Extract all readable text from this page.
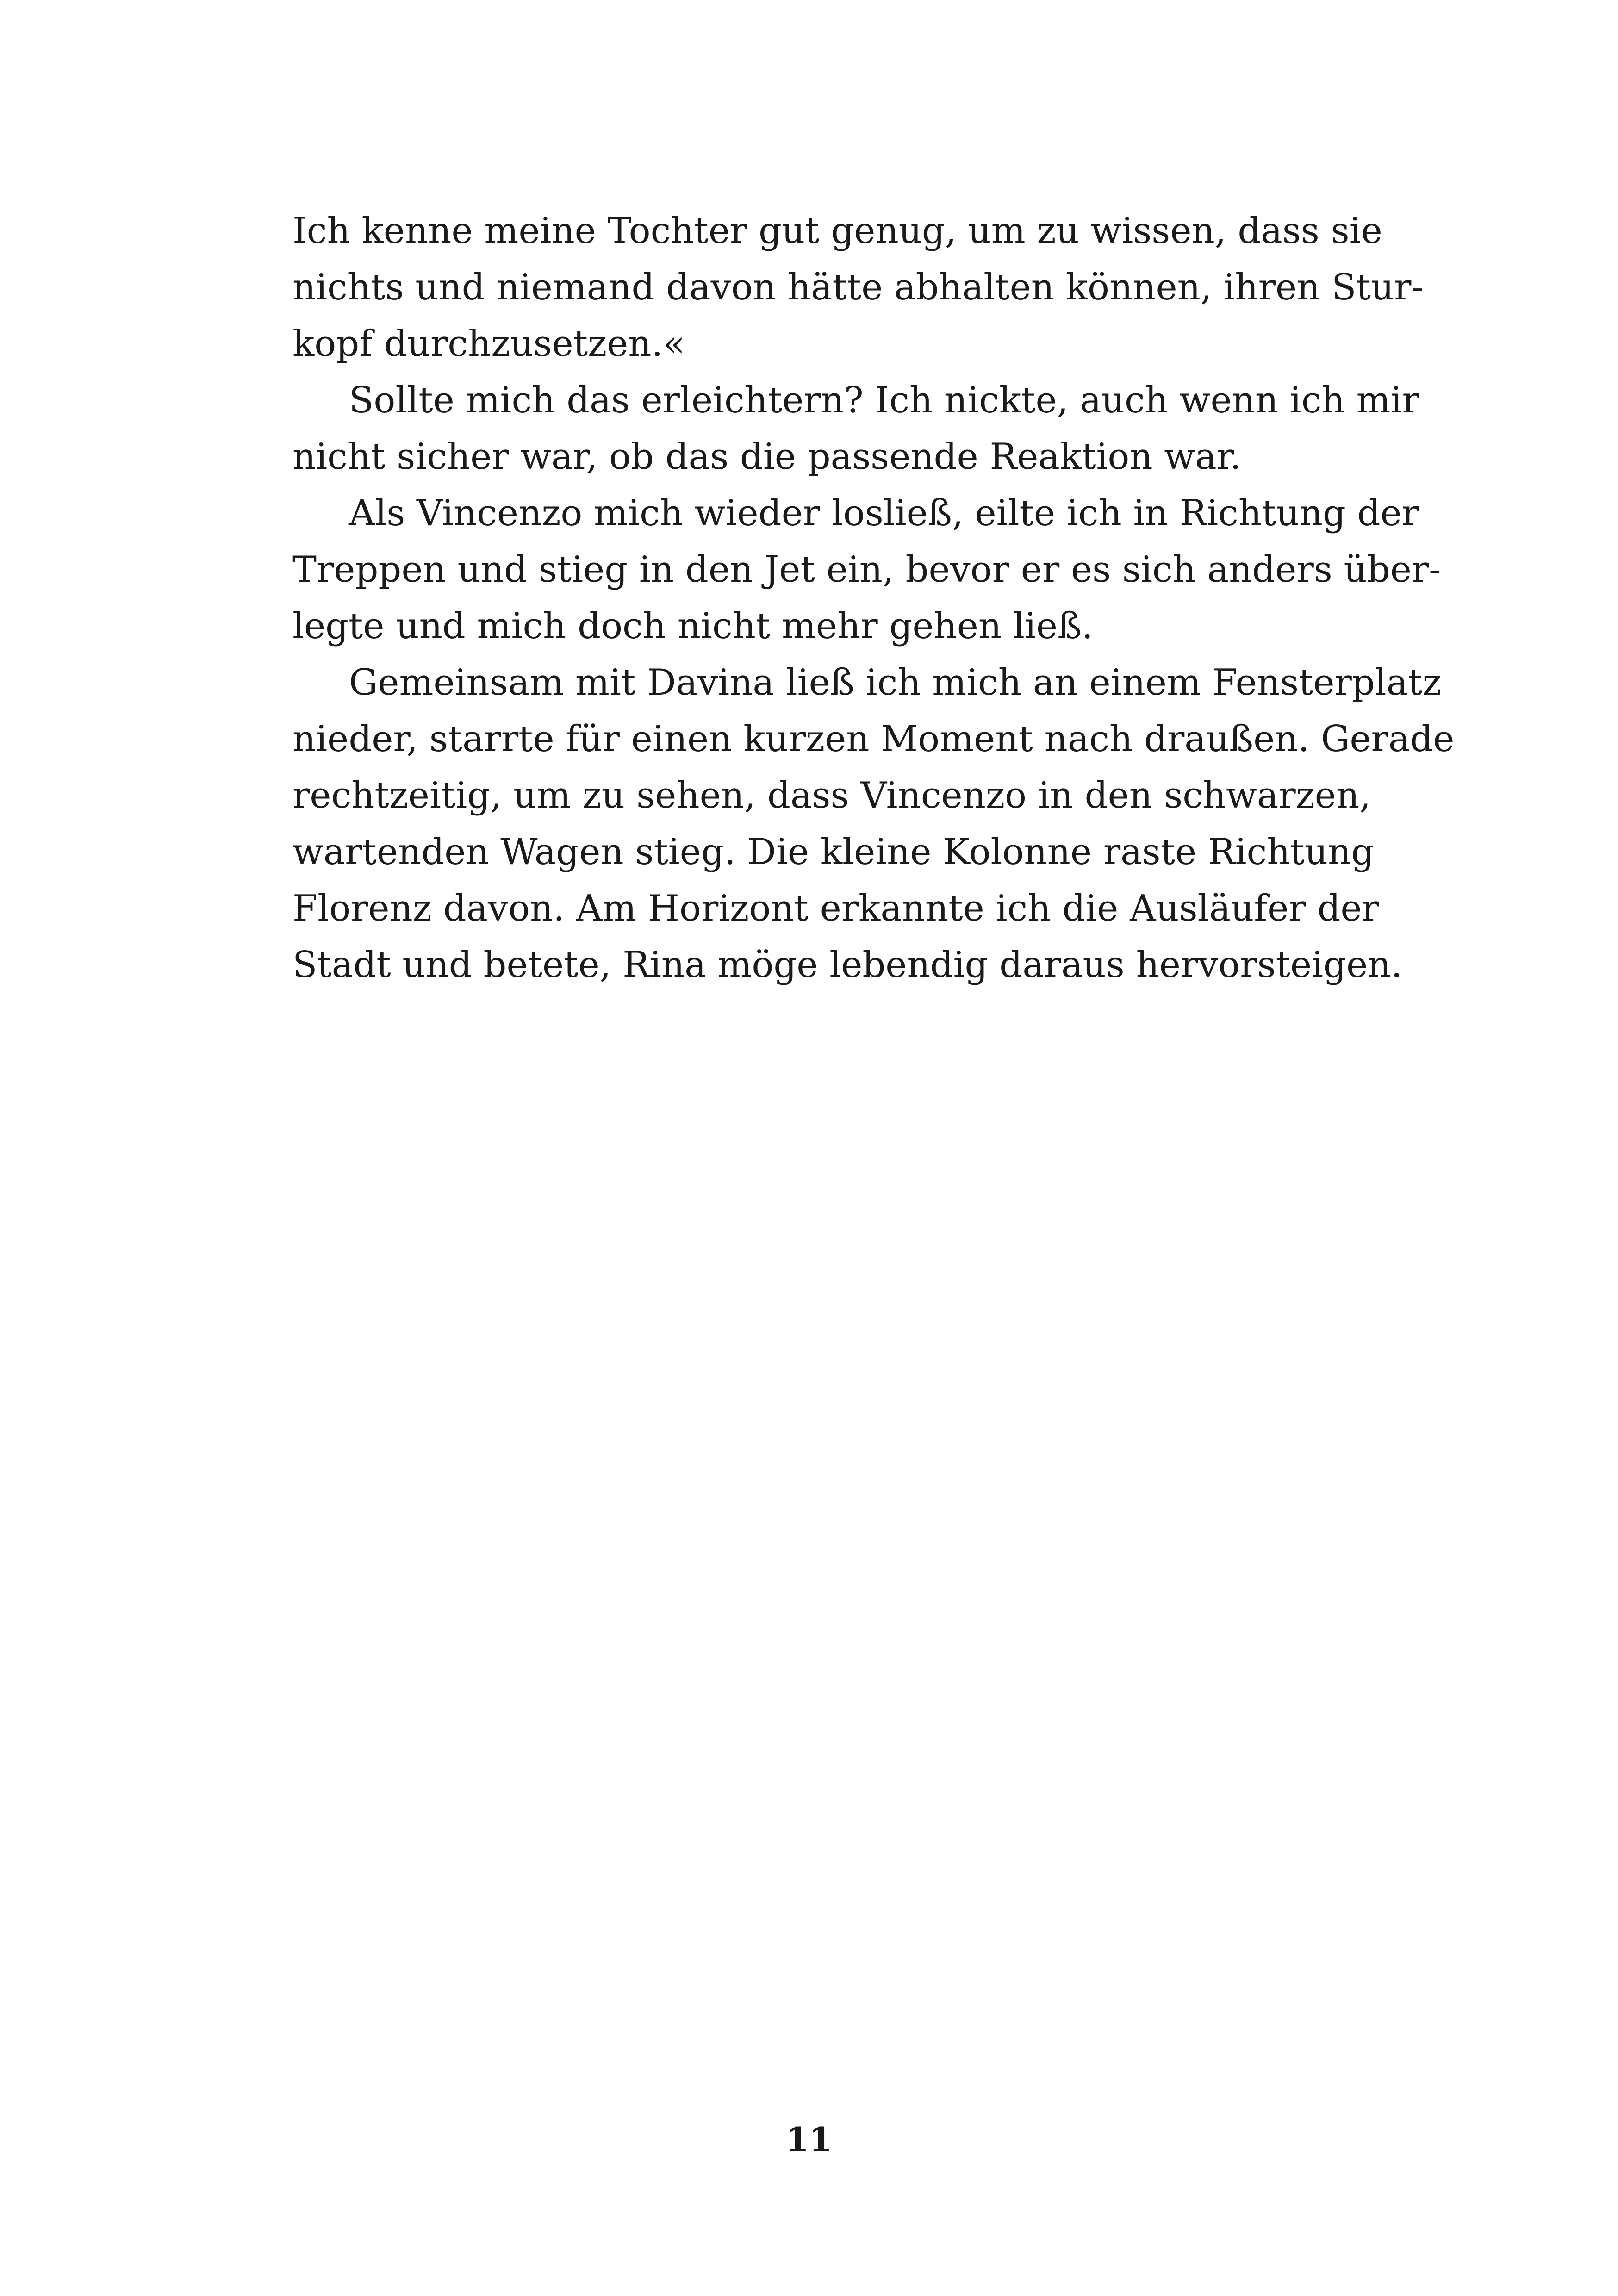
Ich kenne meine Tochter gut genug, um zu wissen, dass sie
nichts und niemand davon hätte abhalten können, ihren Stur-
kopf durchzusetzen.«
Sollte mich das erleichtern? Ich nickte, auch wenn ich mir
nicht sicher war, ob das die passende Reaktion war.
Als Vincenzo mich wieder losließ, eilte ich in Richtung der
Treppen und stieg in den Jet ein, bevor er es sich anders über-
legte und mich doch nicht mehr gehen ließ.
Gemeinsam mit Davina ließ ich mich an einem Fensterplatz
nieder, starrte für einen kurzen Moment nach draußen. Gerade
rechtzeitig, um zu sehen, dass Vincenzo in den schwarzen,
wartenden Wagen stieg. Die kleine Kolonne raste Richtung
Florenz davon. Am Horizont erkannte ich die Ausläufer der
Stadt und betete, Rina möge lebendig daraus hervorsteigen.
11
